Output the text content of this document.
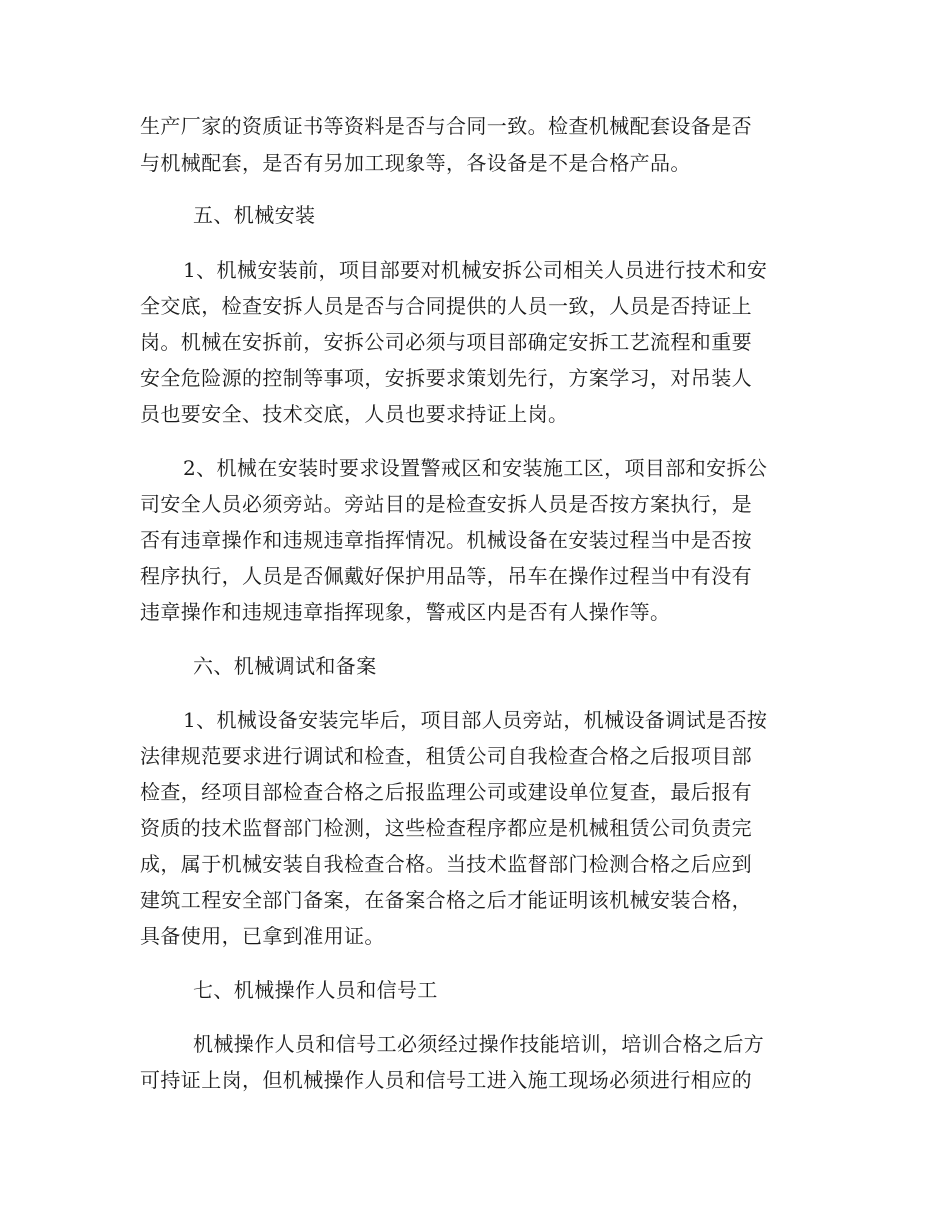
生产厂家的资质证书等资料是否与合同一致。检查机械配套设备是否
与机械配套，是否有另加工现象等，各设备是不是合格产品。
五、机械安装
1、机械安装前，项目部要对机械安拆公司相关人员进行技术和安
全交底，检查安拆人员是否与合同提供的人员一致，人员是否持证上
岗。机械在安拆前，安拆公司必须与项目部确定安拆工艺流程和重要
安全危险源的控制等事项，安拆要求策划先行，方案学习，对吊装人
员也要安全、技术交底，人员也要求持证上岗。
2、机械在安装时要求设置警戒区和安装施工区，项目部和安拆公
司安全人员必须旁站。旁站目的是检查安拆人员是否按方案执行，是
否有违章操作和违规违章指挥情况。机械设备在安装过程当中是否按
程序执行，人员是否佩戴好保护用品等，吊车在操作过程当中有没有
违章操作和违规违章指挥现象，警戒区内是否有人操作等。
六、机械调试和备案
1、机械设备安装完毕后，项目部人员旁站，机械设备调试是否按
法律规范要求进行调试和检查，租赁公司自我检查合格之后报项目部
检查，经项目部检查合格之后报监理公司或建设单位复查，最后报有
资质的技术监督部门检测，这些检查程序都应是机械租赁公司负责完
成，属于机械安装自我检查合格。当技术监督部门检测合格之后应到
建筑工程安全部门备案，在备案合格之后才能证明该机械安装合格，
具备使用，已拿到准用证。
七、机械操作人员和信号工
机械操作人员和信号工必须经过操作技能培训，培训合格之后方
可持证上岗，但机械操作人员和信号工进入施工现场必须进行相应的
